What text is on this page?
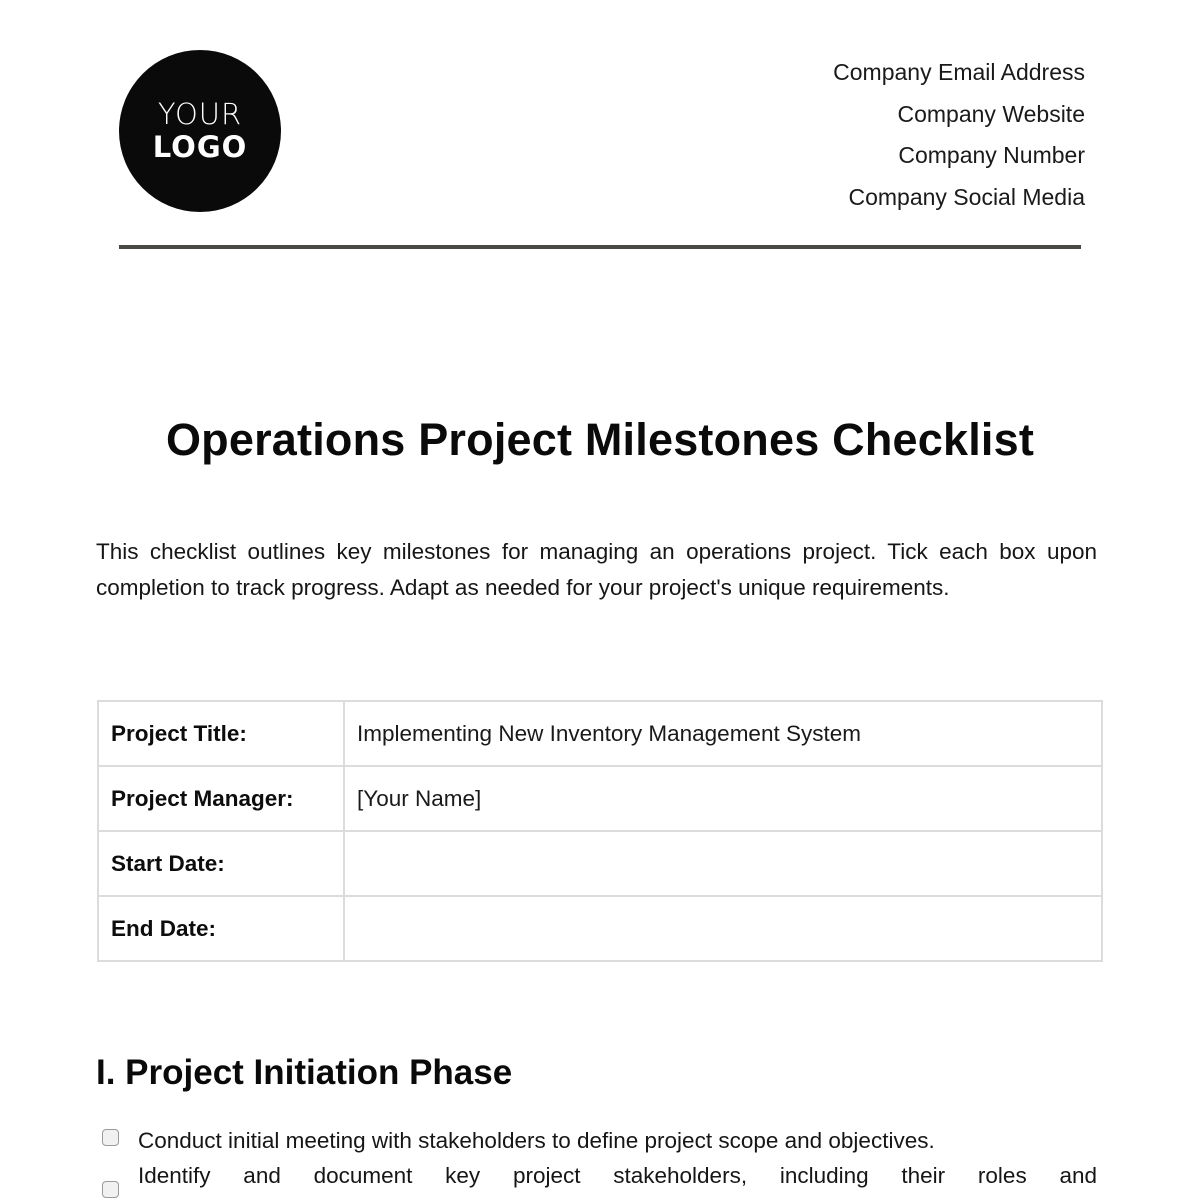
YOUR
LOGO
Company Email Address
Company Website
Company Number
Company Social Media
Operations Project Milestones Checklist

This checklist outlines key milestones for managing an operations project. Tick each box upon completion to track progress. Adapt as needed for your project's unique requirements.

Project Title:	Implementing New Inventory Management System
Project Manager:	[Your Name]
Start Date:	
End Date:	
I. Project Initiation Phase
Conduct initial meeting with stakeholders to define project scope and objectives.
Identify and document key project stakeholders, including their roles and
